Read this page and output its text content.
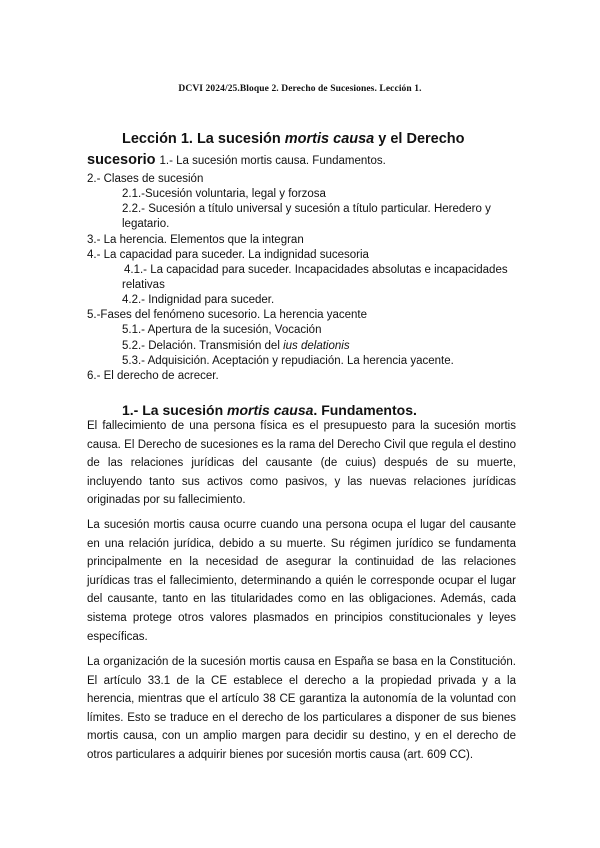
DCVI 2024/25.Bloque 2. Derecho de Sucesiones. Lección 1.
Lección 1. La sucesión mortis causa y el Derecho
sucesorio 1.- La sucesión mortis causa. Fundamentos.
2.- Clases de sucesión
2.1.-Sucesión voluntaria, legal y forzosa
2.2.- Sucesión a título universal y sucesión a título particular. Heredero y
legatario.
3.- La herencia. Elementos que la integran
4.- La capacidad para suceder. La indignidad sucesoria
4.1.- La capacidad para suceder. Incapacidades absolutas e incapacidades
relativas
4.2.- Indignidad para suceder.
5.-Fases del fenómeno sucesorio. La herencia yacente
5.1.- Apertura de la sucesión, Vocación
5.2.- Delación. Transmisión del ius delationis
5.3.- Adquisición. Aceptación y repudiación. La herencia yacente.
6.- El derecho de acrecer.
1.- La sucesión mortis causa. Fundamentos.

El fallecimiento de una persona física es el presupuesto para la sucesión mortis causa. El Derecho de sucesiones es la rama del Derecho Civil que regula el destino de las relaciones jurídicas del causante (de cuius) después de su muerte, incluyendo tanto sus activos como pasivos, y las nuevas relaciones jurídicas originadas por su fallecimiento.

La sucesión mortis causa ocurre cuando una persona ocupa el lugar del causante en una relación jurídica, debido a su muerte. Su régimen jurídico se fundamenta principalmente en la necesidad de asegurar la continuidad de las relaciones jurídicas tras el fallecimiento, determinando a quién le corresponde ocupar el lugar del causante, tanto en las titularidades como en las obligaciones. Además, cada sistema protege otros valores plasmados en principios constitucionales y leyes específicas.

La organización de la sucesión mortis causa en España se basa en la Constitución. El artículo 33.1 de la CE establece el derecho a la propiedad privada y a la herencia, mientras que el artículo 38 CE garantiza la autonomía de la voluntad con límites. Esto se traduce en el derecho de los particulares a disponer de sus bienes mortis causa, con un amplio margen para decidir su destino, y en el derecho de otros particulares a adquirir bienes por sucesión mortis causa (art. 609 CC).
